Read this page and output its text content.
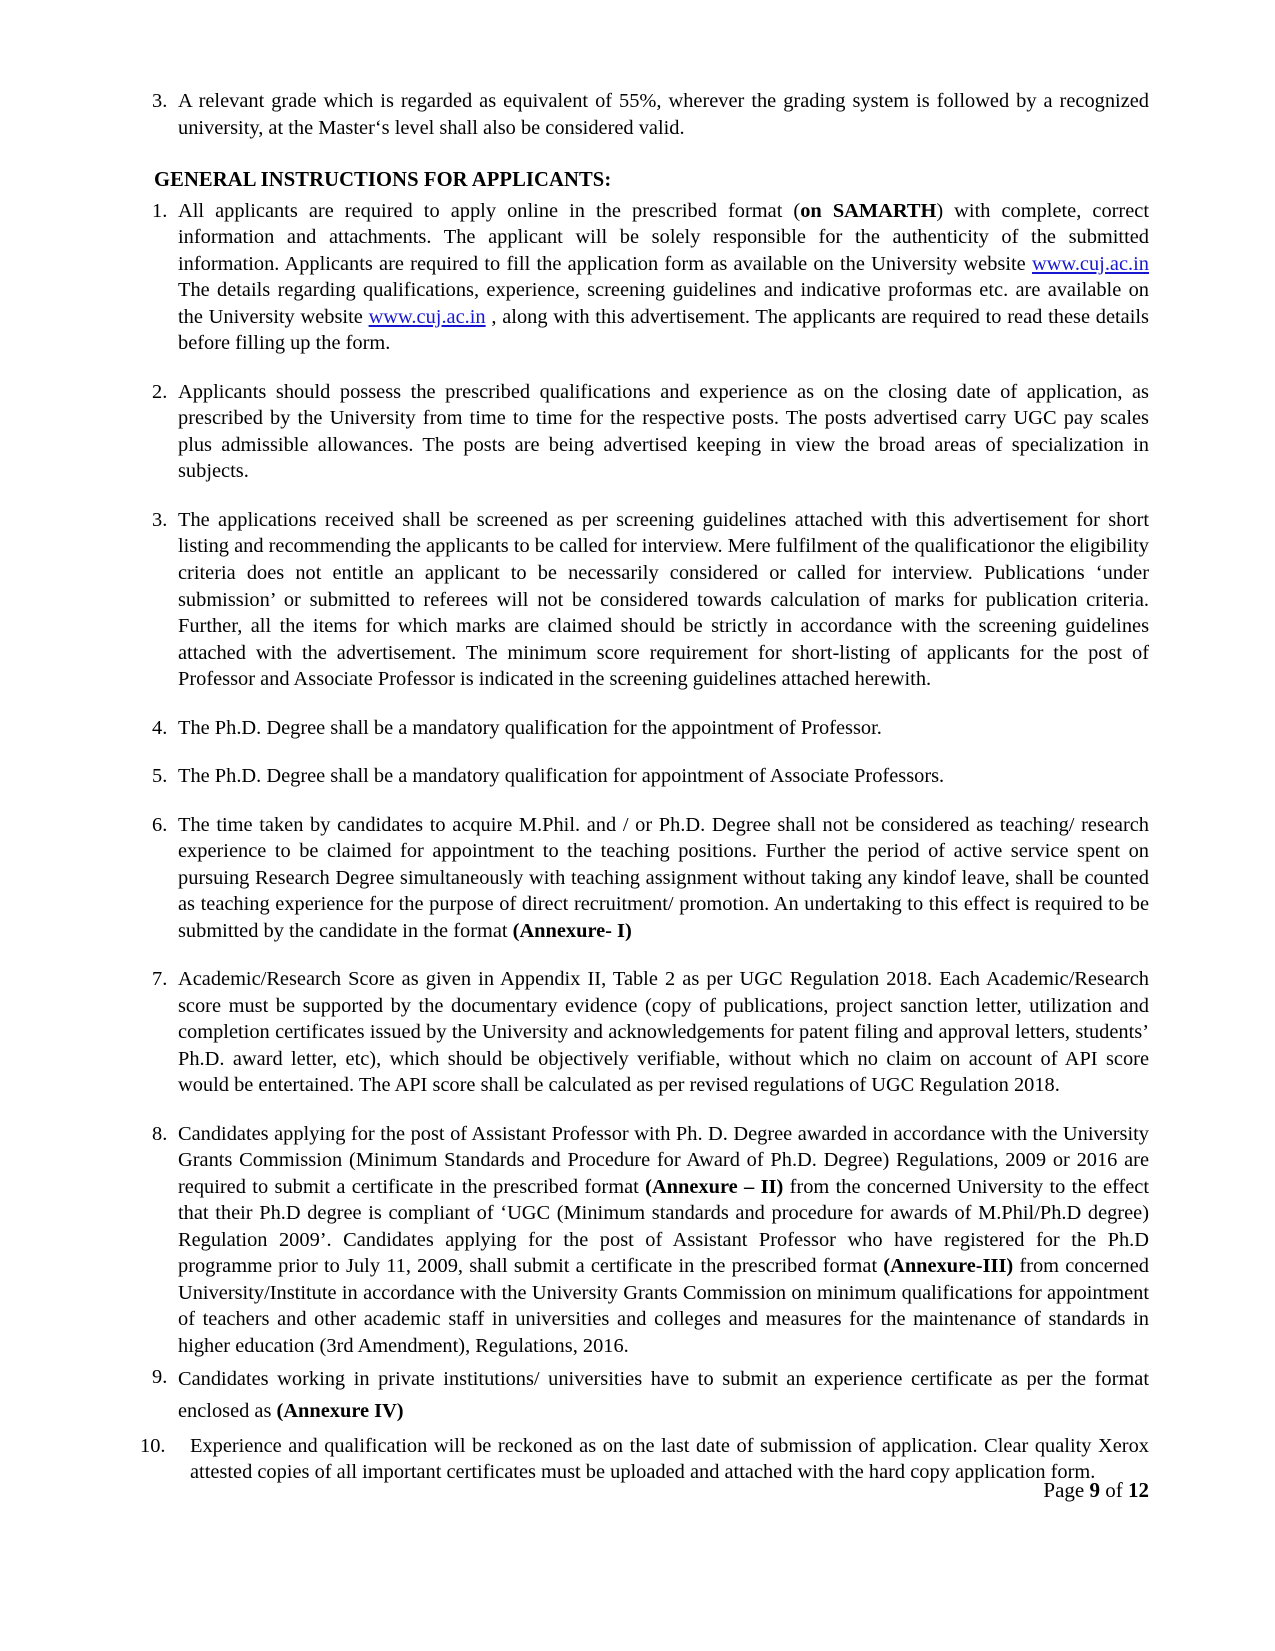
3. A relevant grade which is regarded as equivalent of 55%, wherever the grading system is followed by a recognized university, at the Master‘s level shall also be considered valid.
GENERAL INSTRUCTIONS FOR APPLICANTS:
1. All applicants are required to apply online in the prescribed format (on SAMARTH) with complete, correct information and attachments. The applicant will be solely responsible for the authenticity of the submitted information. Applicants are required to fill the application form as available on the University website www.cuj.ac.in The details regarding qualifications, experience, screening guidelines and indicative proformas etc. are available on the University website www.cuj.ac.in , along with this advertisement. The applicants are required to read these details before filling up the form.
2. Applicants should possess the prescribed qualifications and experience as on the closing date of application, as prescribed by the University from time to time for the respective posts. The posts advertised carry UGC pay scales plus admissible allowances. The posts are being advertised keeping in view the broad areas of specialization in subjects.
3. The applications received shall be screened as per screening guidelines attached with this advertisement for short listing and recommending the applicants to be called for interview. Mere fulfilment of the qualificationor the eligibility criteria does not entitle an applicant to be necessarily considered or called for interview. Publications ‘under submission’ or submitted to referees will not be considered towards calculation of marks for publication criteria. Further, all the items for which marks are claimed should be strictly in accordance with the screening guidelines attached with the advertisement. The minimum score requirement for short-listing of applicants for the post of Professor and Associate Professor is indicated in the screening guidelines attached herewith.
4. The Ph.D. Degree shall be a mandatory qualification for the appointment of Professor.
5. The Ph.D. Degree shall be a mandatory qualification for appointment of Associate Professors.
6. The time taken by candidates to acquire M.Phil. and / or Ph.D. Degree shall not be considered as teaching/ research experience to be claimed for appointment to the teaching positions. Further the period of active service spent on pursuing Research Degree simultaneously with teaching assignment without taking any kindof leave, shall be counted as teaching experience for the purpose of direct recruitment/ promotion. An undertaking to this effect is required to be submitted by the candidate in the format (Annexure- I)
7. Academic/Research Score as given in Appendix II, Table 2 as per UGC Regulation 2018. Each Academic/Research score must be supported by the documentary evidence (copy of publications, project sanction letter, utilization and completion certificates issued by the University and acknowledgements for patent filing and approval letters, students’ Ph.D. award letter, etc), which should be objectively verifiable, without which no claim on account of API score would be entertained. The API score shall be calculated as per revised regulations of UGC Regulation 2018.
8. Candidates applying for the post of Assistant Professor with Ph. D. Degree awarded in accordance with the University Grants Commission (Minimum Standards and Procedure for Award of Ph.D. Degree) Regulations, 2009 or 2016 are required to submit a certificate in the prescribed format (Annexure – II) from the concerned University to the effect that their Ph.D degree is compliant of ‘UGC (Minimum standards and procedure for awards of M.Phil/Ph.D degree) Regulation 2009’. Candidates applying for the post of Assistant Professor who have registered for the Ph.D programme prior to July 11, 2009, shall submit a certificate in the prescribed format (Annexure-III) from concerned University/Institute in accordance with the University Grants Commission on minimum qualifications for appointment of teachers and other academic staff in universities and colleges and measures for the maintenance of standards in higher education (3rd Amendment), Regulations, 2016.
9. Candidates working in private institutions/ universities have to submit an experience certificate as per the format enclosed as (Annexure IV)
10.	Experience and qualification will be reckoned as on the last date of submission of application. Clear quality Xerox attested copies of all important certificates must be uploaded and attached with the hard copy application form.
Page 9 of 12
